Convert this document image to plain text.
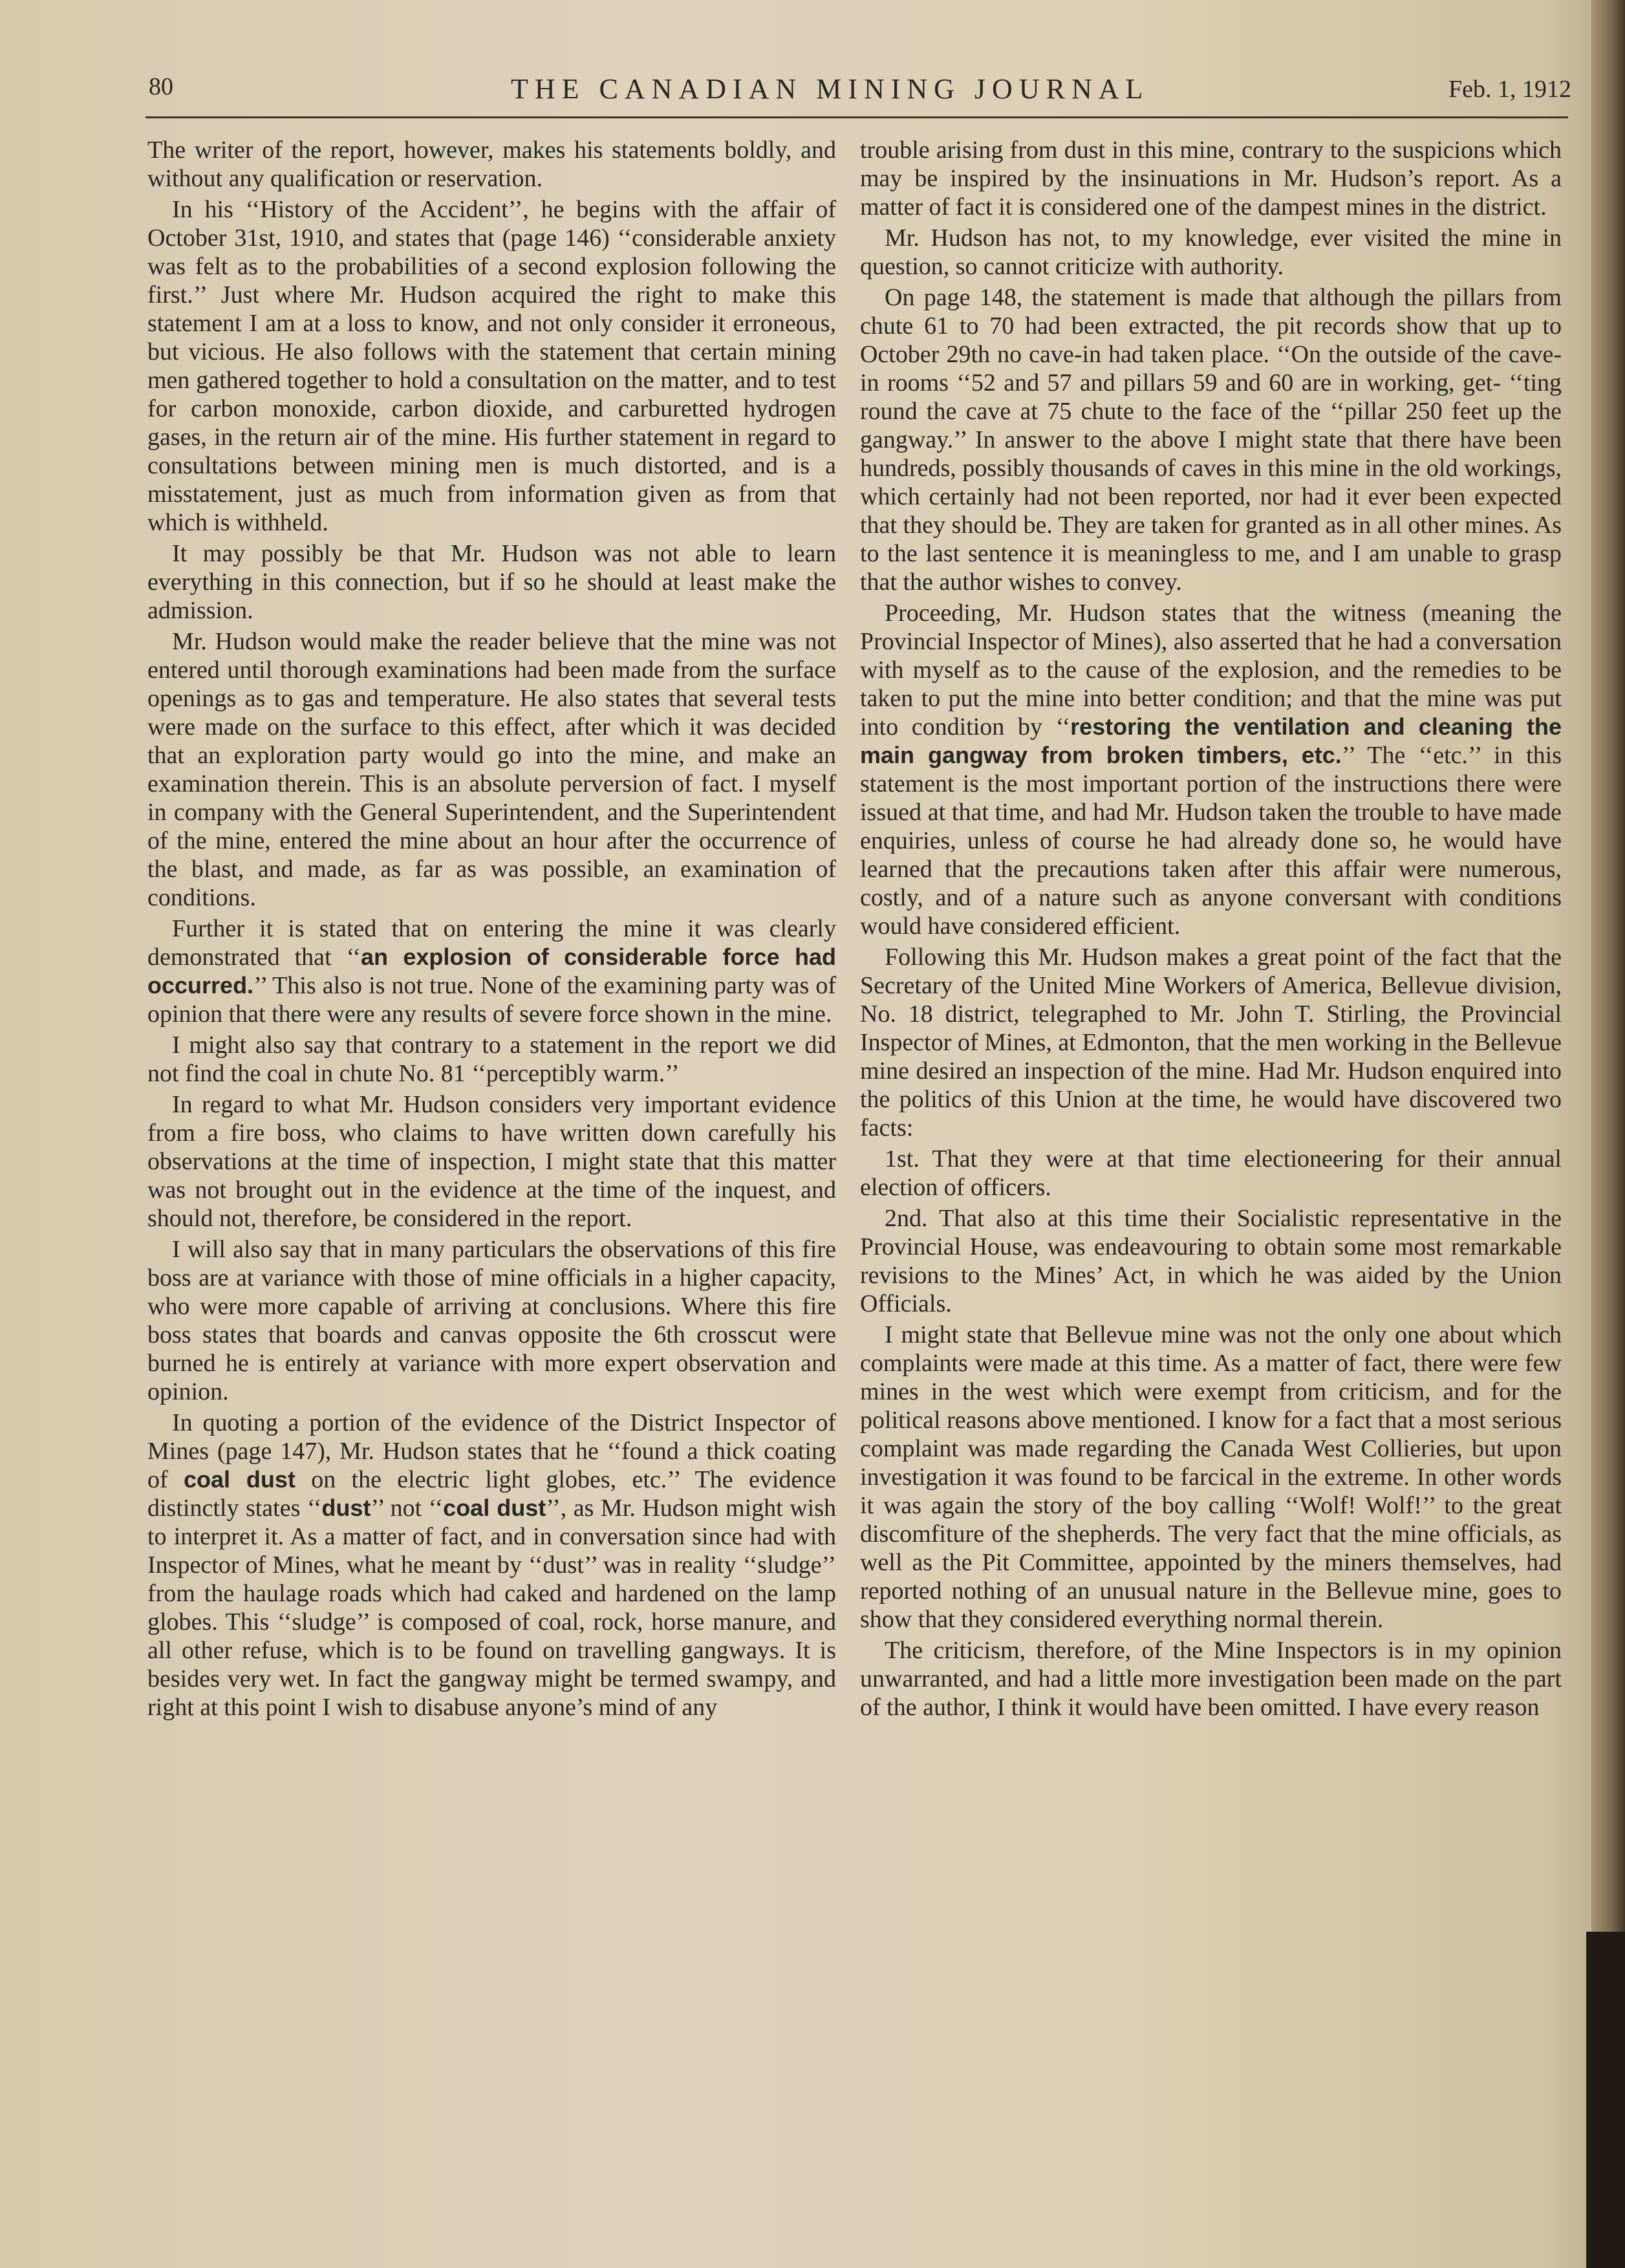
80	THE CANADIAN MINING JOURNAL	Feb. 1, 1912

The writer of the report, however, makes his statements boldly, and without any qualification or reservation.

In his ‘‘History of the Accident’’, he begins with the affair of October 31st, 1910, and states that (page 146) ‘‘considerable anxiety was felt as to the probabilities of a second explosion following the first.’’ Just where Mr. Hudson acquired the right to make this statement I am at a loss to know, and not only consider it erroneous, but vicious. He also follows with the statement that certain mining men gathered together to hold a consultation on the matter, and to test for carbon monoxide, carbon dioxide, and carburetted hydrogen gases, in the return air of the mine. His further statement in regard to consultations between mining men is much distorted, and is a misstatement, just as much from information given as from that which is withheld.

It may possibly be that Mr. Hudson was not able to learn everything in this connection, but if so he should at least make the admission.

Mr. Hudson would make the reader believe that the mine was not entered until thorough examinations had been made from the surface openings as to gas and temperature. He also states that several tests were made on the surface to this effect, after which it was decided that an exploration party would go into the mine, and make an examination therein. This is an absolute perversion of fact. I myself in company with the General Superintendent, and the Superintendent of the mine, entered the mine about an hour after the occurrence of the blast, and made, as far as was possible, an examination of conditions.

Further it is stated that on entering the mine it was clearly demonstrated that ‘‘an explosion of considerable force had occurred.’’ This also is not true. None of the examining party was of opinion that there were any results of severe force shown in the mine.

I might also say that contrary to a statement in the report we did not find the coal in chute No. 81 ‘‘perceptibly warm.’’

In regard to what Mr. Hudson considers very important evidence from a fire boss, who claims to have written down carefully his observations at the time of inspection, I might state that this matter was not brought out in the evidence at the time of the inquest, and should not, therefore, be considered in the report.

I will also say that in many particulars the observations of this fire boss are at variance with those of mine officials in a higher capacity, who were more capable of arriving at conclusions. Where this fire boss states that boards and canvas opposite the 6th crosscut were burned he is entirely at variance with more expert observation and opinion.

In quoting a portion of the evidence of the District Inspector of Mines (page 147), Mr. Hudson states that he ‘‘found a thick coating of coal dust on the electric light globes, etc.’’ The evidence distinctly states ‘‘dust’’ not ‘‘coal dust’’, as Mr. Hudson might wish to interpret it. As a matter of fact, and in conversation since had with Inspector of Mines, what he meant by ‘‘dust’’ was in reality ‘‘sludge’’ from the haulage roads which had caked and hardened on the lamp globes. This ‘‘sludge’’ is composed of coal, rock, horse manure, and all other refuse, which is to be found on travelling gangways. It is besides very wet. In fact the gangway might be termed swampy, and right at this point I wish to disabuse anyone’s mind of any

trouble arising from dust in this mine, contrary to the suspicions which may be inspired by the insinuations in Mr. Hudson’s report. As a matter of fact it is considered one of the dampest mines in the district.

Mr. Hudson has not, to my knowledge, ever visited the mine in question, so cannot criticize with authority.

On page 148, the statement is made that although the pillars from chute 61 to 70 had been extracted, the pit records show that up to October 29th no cave-in had taken place. ‘‘On the outside of the cave-in rooms ‘‘52 and 57 and pillars 59 and 60 are in working, get- ‘‘ting round the cave at 75 chute to the face of the ‘‘pillar 250 feet up the gangway.’’ In answer to the above I might state that there have been hundreds, possibly thousands of caves in this mine in the old workings, which certainly had not been reported, nor had it ever been expected that they should be. They are taken for granted as in all other mines. As to the last sentence it is meaningless to me, and I am unable to grasp that the author wishes to convey.

Proceeding, Mr. Hudson states that the witness (meaning the Provincial Inspector of Mines), also asserted that he had a conversation with myself as to the cause of the explosion, and the remedies to be taken to put the mine into better condition; and that the mine was put into condition by ‘‘restoring the ventilation and cleaning the main gangway from broken timbers, etc.’’ The ‘‘etc.’’ in this statement is the most important portion of the instructions there were issued at that time, and had Mr. Hudson taken the trouble to have made enquiries, unless of course he had already done so, he would have learned that the precautions taken after this affair were numerous, costly, and of a nature such as anyone conversant with conditions would have considered efficient.

Following this Mr. Hudson makes a great point of the fact that the Secretary of the United Mine Workers of America, Bellevue division, No. 18 district, telegraphed to Mr. John T. Stirling, the Provincial Inspector of Mines, at Edmonton, that the men working in the Bellevue mine desired an inspection of the mine. Had Mr. Hudson enquired into the politics of this Union at the time, he would have discovered two facts:

1st. That they were at that time electioneering for their annual election of officers.

2nd. That also at this time their Socialistic representative in the Provincial House, was endeavouring to obtain some most remarkable revisions to the Mines’ Act, in which he was aided by the Union Officials.

I might state that Bellevue mine was not the only one about which complaints were made at this time. As a matter of fact, there were few mines in the west which were exempt from criticism, and for the political reasons above mentioned. I know for a fact that a most serious complaint was made regarding the Canada West Collieries, but upon investigation it was found to be farcical in the extreme. In other words it was again the story of the boy calling ‘‘Wolf! Wolf!’’ to the great discomfiture of the shepherds. The very fact that the mine officials, as well as the Pit Committee, appointed by the miners themselves, had reported nothing of an unusual nature in the Bellevue mine, goes to show that they considered everything normal therein.

The criticism, therefore, of the Mine Inspectors is in my opinion unwarranted, and had a little more investigation been made on the part of the author, I think it would have been omitted. I have every reason
